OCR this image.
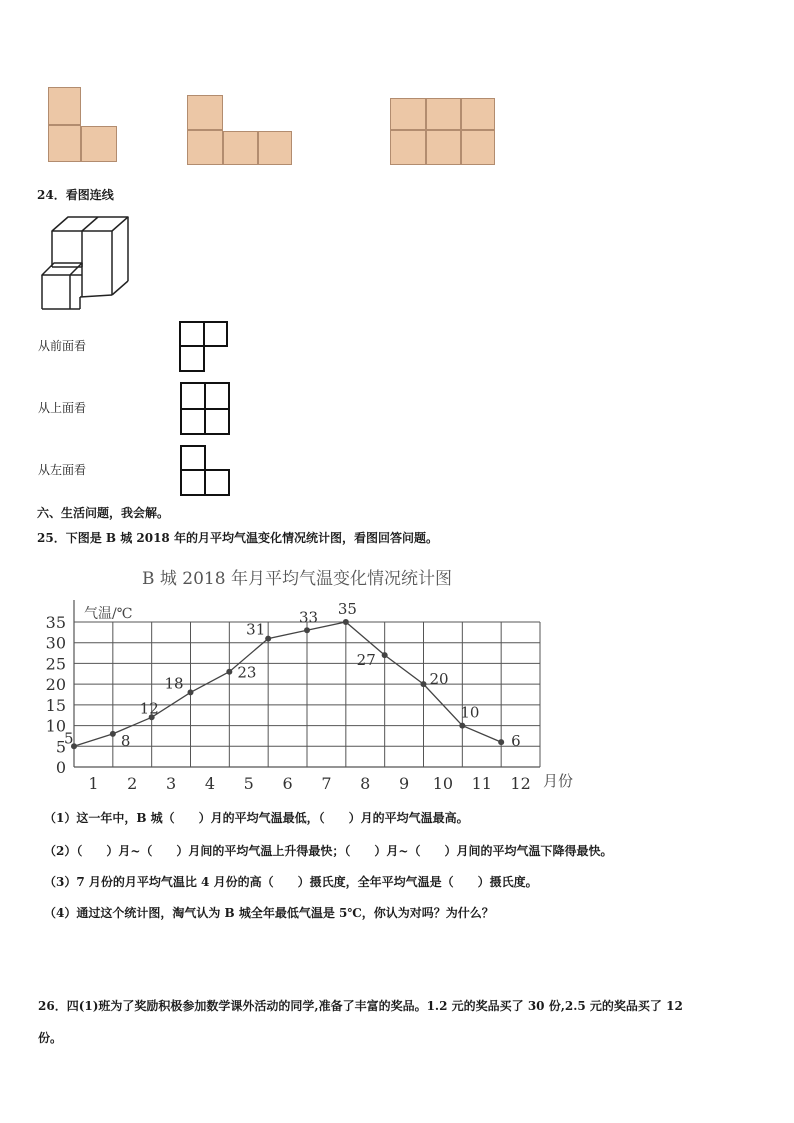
24．看图连线
从前面看
从上面看
从左面看
六、生活问题，我会解。
25．下图是 B 城 2018 年的月平均气温变化情况统计图，看图回答问题。
B 城 2018 年月平均气温变化情况统计图
气温/℃
月份
0
5
10
15
20
25
30
35
1 2 3 4 5 6 7 8 9 10 11 12
5	8
12
18
23
31
33 35
27
20
10
6
（1）这一年中，B 城（　　）月的平均气温最低，（　　）月的平均气温最高。
（2）（　　）月~（　　）月间的平均气温上升得最快；（　　）月~（　　）月间的平均气温下降得最快。
（3）7 月份的月平均气温比 4 月份的高（　　）摄氏度，全年平均气温是（　　）摄氏度。
（4）通过这个统计图，淘气认为 B 城全年最低气温是 5℃，你认为对吗？为什么？
26．四(1)班为了奖励积极参加数学课外活动的同学,准备了丰富的奖品。1.2 元的奖品买了 30 份,2.5 元的奖品买了 12
份。
